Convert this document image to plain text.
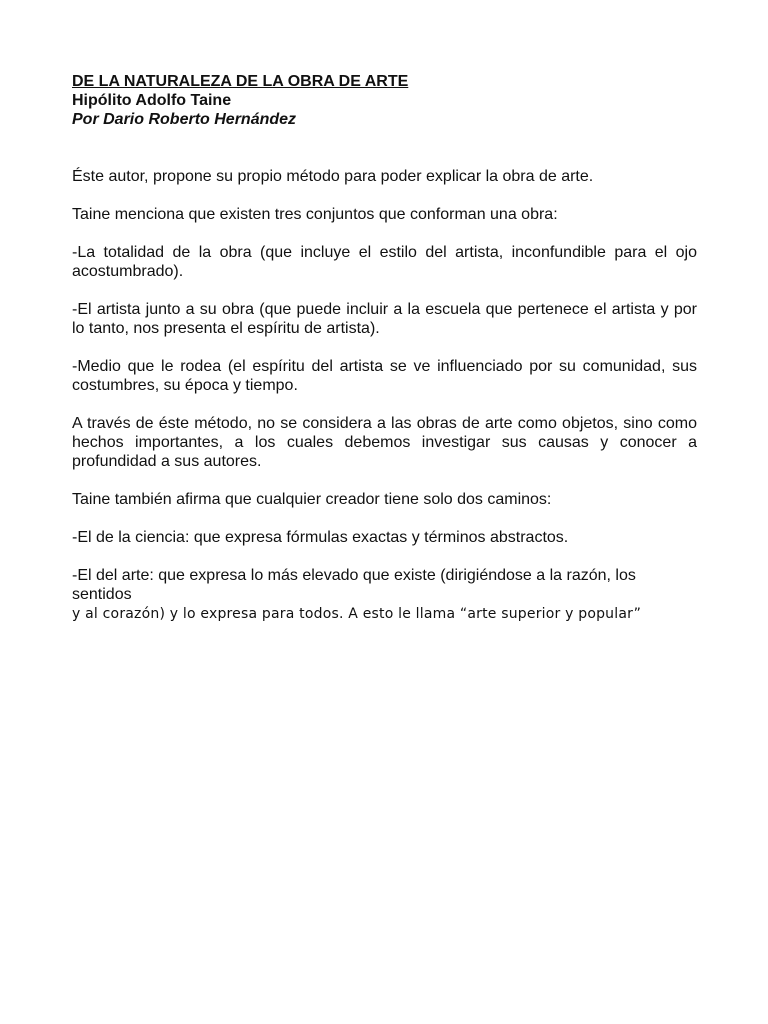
DE LA NATURALEZA DE LA OBRA DE ARTE

Hipólito Adolfo Taine

Por Dario Roberto Hernández

Éste autor, propone su propio método para poder explicar la obra de arte.

Taine menciona que existen tres conjuntos que conforman una obra:

-La totalidad de la obra (que incluye el estilo del artista, inconfundible para el ojo acostumbrado).

-El artista junto a su obra (que puede incluir a la escuela que pertenece el artista y por lo tanto, nos presenta el espíritu de artista).

-Medio que le rodea (el espíritu del artista se ve influenciado por su comunidad, sus costumbres, su época y tiempo.

A través de éste método, no se considera a las obras de arte como objetos, sino como hechos importantes, a los cuales debemos investigar sus causas y conocer a profundidad a sus autores.

Taine también afirma que cualquier creador tiene solo dos caminos:

-El de la ciencia: que expresa fórmulas exactas y términos abstractos.

-El del arte: que expresa lo más elevado que existe (dirigiéndose a la razón, los sentidos
y al corazón) y lo expresa para todos. A esto le llama “arte superior y popular”
